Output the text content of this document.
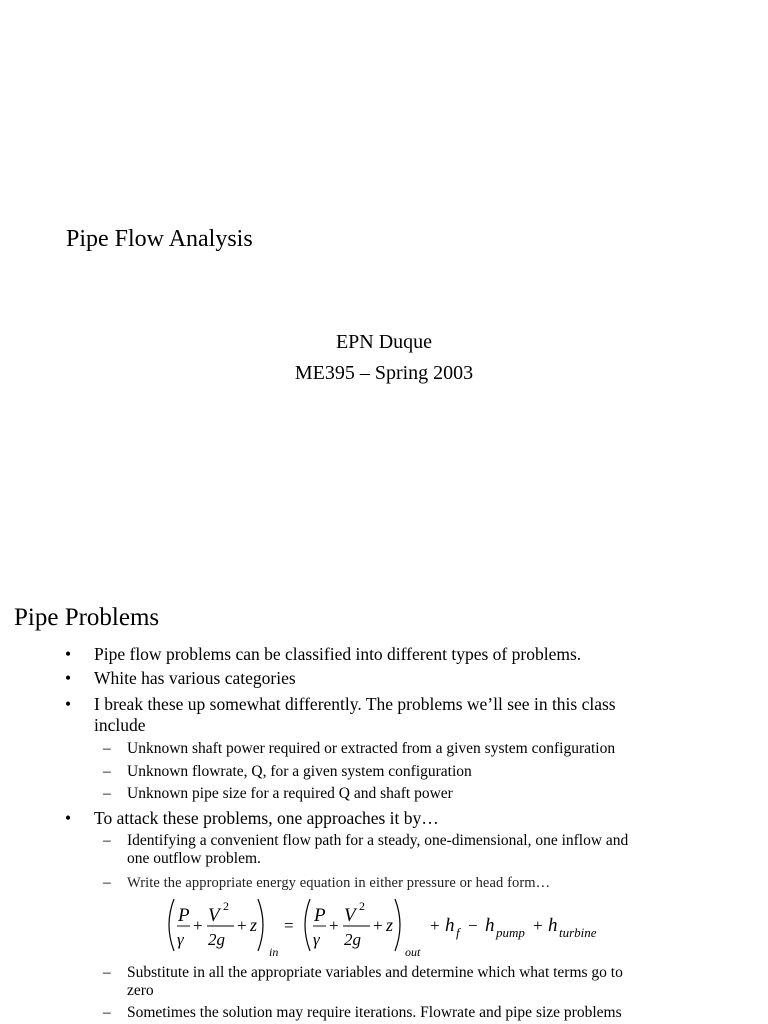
Pipe Flow Analysis
EPN Duque
ME395 – Spring 2003
Pipe Problems
• Pipe flow problems can be classified into different types of problems.
• White has various categories
• I break these up somewhat differently. The problems we’ll see in this class
include
– Unknown shaft power required or extracted from a given system configuration
– Unknown flowrate, Q, for a given system configuration
– Unknown pipe size for a required Q and shaft power
• To attack these problems, one approaches it by…
– Identifying a convenient flow path for a steady, one-dimensional, one inflow and
one outflow problem.
– Write the appropriate energy equation in either pressure or head form…
P
γ
+ V 2
2g
+ z
in
= P
γ
+ V 2
2g
+ z
out
+ h f − h pump + h turbine
– Substitute in all the appropriate variables and determine which what terms go to
zero
– Sometimes the solution may require iterations. Flowrate and pipe size problems
